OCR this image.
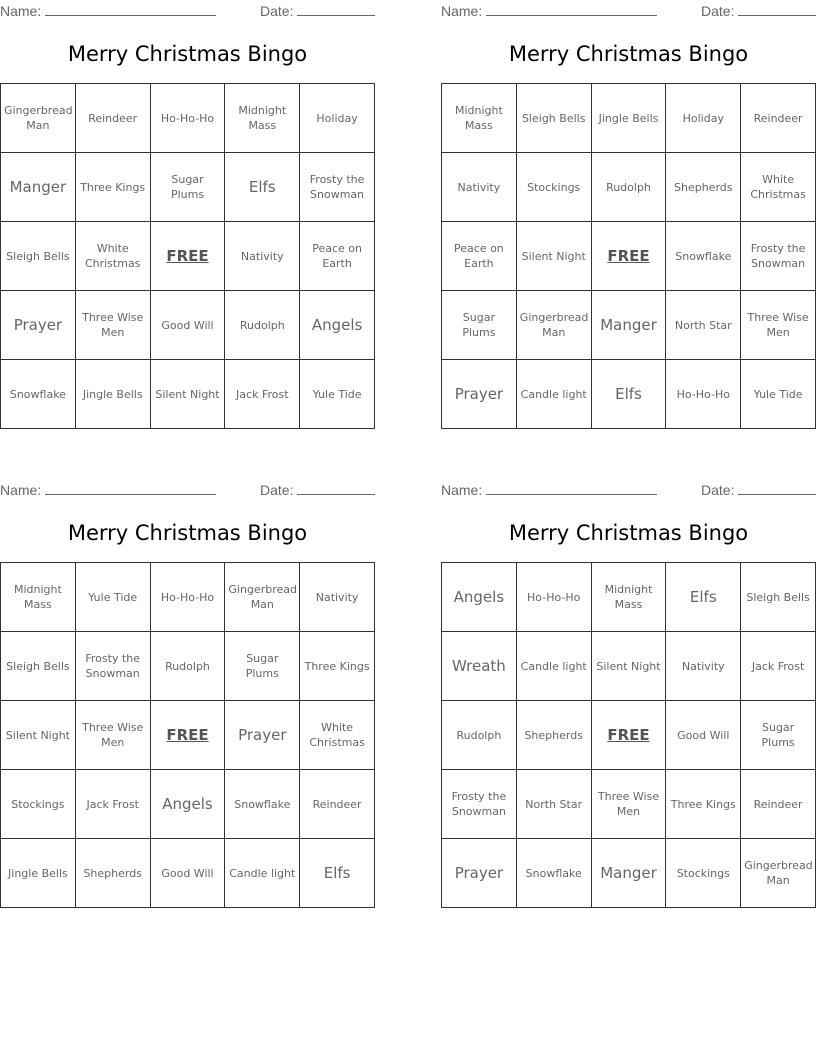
Name:	Date:
Merry Christmas Bingo
Gingerbread Man	Reindeer	Ho-Ho-Ho	Midnight Mass	Holiday
Manger	Three Kings	Sugar Plums	Elfs	Frosty the Snowman
Sleigh Bells	White Christmas	FREE	Nativity	Peace on Earth
Prayer	Three Wise Men	Good Will	Rudolph	Angels
Snowflake	Jingle Bells	Silent Night	Jack Frost	Yule Tide
Name:	Date:
Merry Christmas Bingo
Midnight Mass	Sleigh Bells	Jingle Bells	Holiday	Reindeer
Nativity	Stockings	Rudolph	Shepherds	White Christmas
Peace on Earth	Silent Night	FREE	Snowflake	Frosty the Snowman
Sugar Plums	Gingerbread Man	Manger	North Star	Three Wise Men
Prayer	Candle light	Elfs	Ho-Ho-Ho	Yule Tide
Name:	Date:
Merry Christmas Bingo
Midnight Mass	Yule Tide	Ho-Ho-Ho	Gingerbread Man	Nativity
Sleigh Bells	Frosty the Snowman	Rudolph	Sugar Plums	Three Kings
Silent Night	Three Wise Men	FREE	Prayer	White Christmas
Stockings	Jack Frost	Angels	Snowflake	Reindeer
Jingle Bells	Shepherds	Good Will	Candle light	Elfs
Name:	Date:
Merry Christmas Bingo
Angels	Ho-Ho-Ho	Midnight Mass	Elfs	Sleigh Bells
Wreath	Candle light	Silent Night	Nativity	Jack Frost
Rudolph	Shepherds	FREE	Good Will	Sugar Plums
Frosty the Snowman	North Star	Three Wise Men	Three Kings	Reindeer
Prayer	Snowflake	Manger	Stockings	Gingerbread Man
